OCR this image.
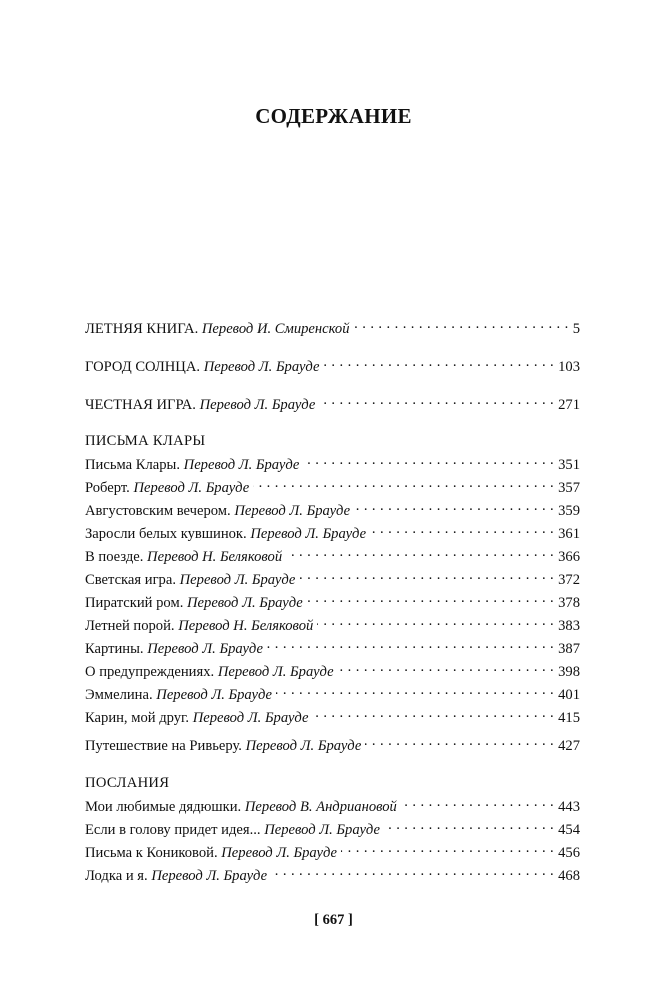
СОДЕРЖАНИЕ
ЛЕТНЯЯ КНИГА. Перевод И. Смиренской . . .	5
ГОРОД СОЛНЦА. Перевод Л. Брауде . . .	103
ЧЕСТНАЯ ИГРА. Перевод Л. Брауде . . .	271
ПИСЬМА КЛАРЫ
Письма Клары. Перевод Л. Брауде . . .	351
Роберт. Перевод Л. Брауде . . .	357
Августовским вечером. Перевод Л. Брауде . . .	359
Заросли белых кувшинок. Перевод Л. Брауде . . .	361
В поезде. Перевод Н. Беляковой . . .	366
Светская игра. Перевод Л. Брауде . . .	372
Пиратский ром. Перевод Л. Брауде . . .	378
Летней порой. Перевод Н. Беляковой . . .	383
Картины. Перевод Л. Брауде . . .	387
О предупреждениях. Перевод Л. Брауде . . .	398
Эммелина. Перевод Л. Брауде . . .	401
Карин, мой друг. Перевод Л. Брауде . . .	415
Путешествие на Ривьеру. Перевод Л. Брауде . . .	427
ПОСЛАНИЯ
Мои любимые дядюшки. Перевод В. Андриановой . . .	443
Если в голову придет идея... Перевод Л. Брауде . . .	454
Письма к Кониковой. Перевод Л. Брауде . . .	456
Лодка и я. Перевод Л. Брауде . . .	468
[ 667 ]
